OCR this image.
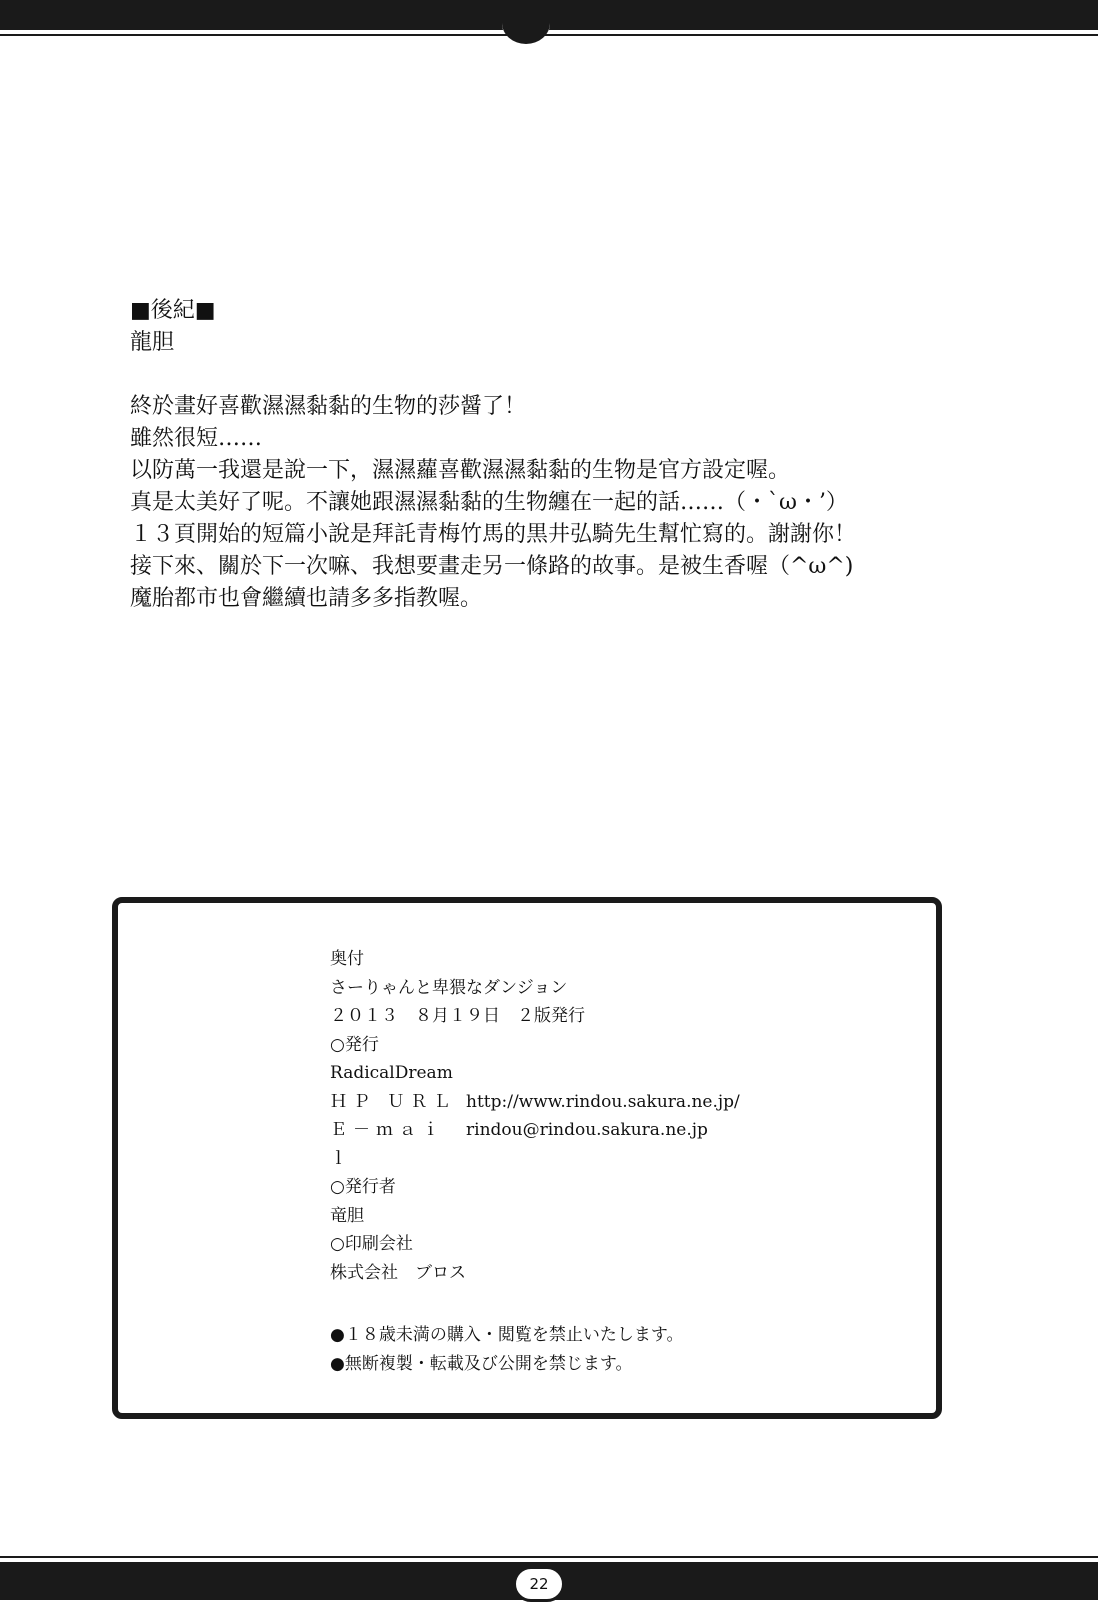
■後紀■

龍胆

終於畫好喜歡濕濕黏黏的生物的莎醤了！

雖然很短……

以防萬一我還是說一下，濕濕蘿喜歡濕濕黏黏的生物是官方設定喔。

真是太美好了呢。不讓她跟濕濕黏黏的生物纏在一起的話……（・`ω・’）

１３頁開始的短篇小說是拜託青梅竹馬的黒井弘騎先生幫忙寫的。謝謝你！

接下來、關於下一次嘛、我想要畫走另一條路的故事。是被生香喔（^ω^)

魔胎都市也會繼續也請多多指教喔。

奥付

さーりゃんと卑猥なダンジョン

２０１３　８月１９日　２版発行

○発行

RadicalDream

ＨＰ ＵＲＬ http://www.rindou.sakura.ne.jp/
Ｅ－ｍａｉｌ
rindou@rindou.sakura.ne.jp

○発行者

竜胆

○印刷会社

株式会社　ブロス

●１８歳未満の購入・閲覧を禁止いたします。

●無断複製・転載及び公開を禁じます。

22
